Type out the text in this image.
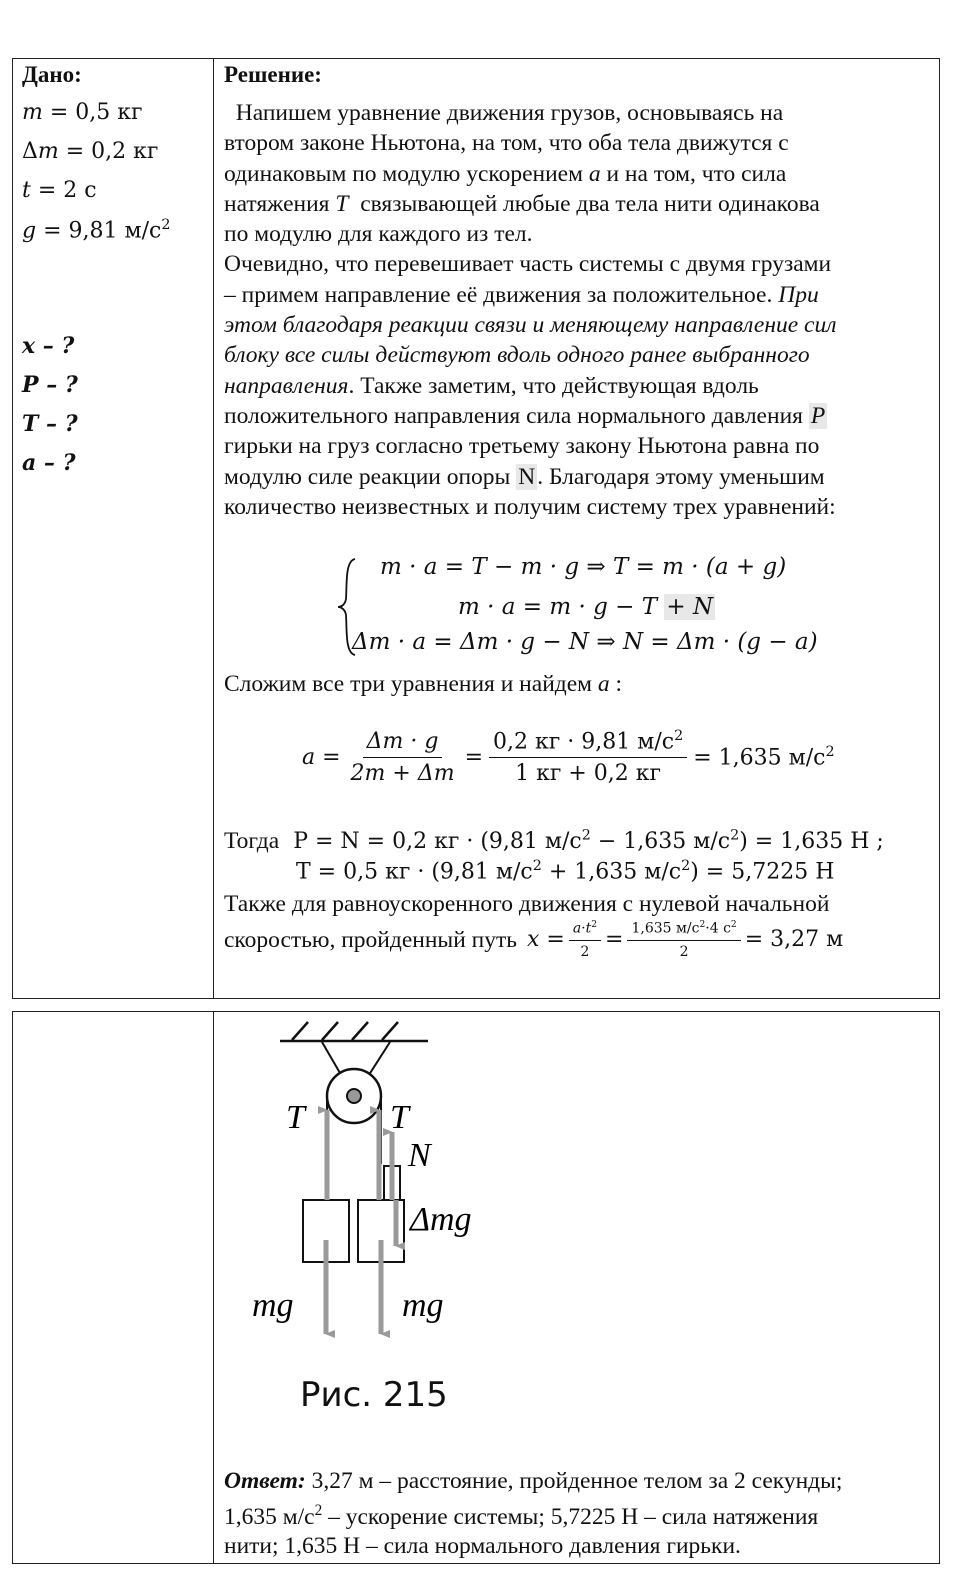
Дано:
m = 0,5 кг
Δm = 0,2 кг
t = 2 с
g = 9,81 $м/с^2$
x – ?
P – ?
T – ?
a – ?
Решение:
Напишем уравнение движения грузов, основываясь на
втором законе Ньютона, на том, что оба тела движутся с
одинаковым по модулю ускорением a и на том, что сила
натяжения T связывающей любые два тела нити одинакова
по модулю для каждого из тел.
Очевидно, что перевешивает часть системы с двумя грузами
– примем направление её движения за положительное. При
этом благодаря реакции связи и меняющему направление сил
блоку все силы действуют вдоль одного ранее выбранного
направления. Также заметим, что действующая вдоль
положительного направления сила нормального давления P
гирьки на груз согласно третьему закону Ньютона равна по
модулю силе реакции опоры N. Благодаря этому уменьшим
количество неизвестных и получим систему трех уравнений:
m · a = T − m · g ⇒ T = m · (a + g)
m · a = m · g − T + N
Δm · a = Δm · g − N ⇒ N = Δm · (g − a)
Сложим все три уравнения и найдем a :
$a = \frac{\Delta m \cdot g}{2m + \Delta m} = \frac{0,2 кг \cdot 9,81 м/с^2}{1 кг + 0,2 кг} = 1,635$ $м/с^2$
Тогда P = N = 0,2 кг · (9,81 $м/с^2 - 1,635$ $м/с^2) = 1,635$ Н ;
T = 0,5 кг · (9,81 $м/с^2 + 1,635$ $м/с^2) = 5,7225$ Н
Также для равноускоренного движения с нулевой начальной
скоростью, пройденный путь $x = \frac{a\cdot t^2}{2} = \frac{1,635 м/с^2\cdot 4 с^2}{2} = 3,27$ м
T	T
N
Δmg
mg	mg
Рис. 215
Ответ: 3,27 м – расстояние, пройденное телом за 2 секунды;
1,635 $м/с^2$ – ускорение системы; 5,7225 Н – сила натяжения
нити; 1,635 Н – сила нормального давления гирьки.
